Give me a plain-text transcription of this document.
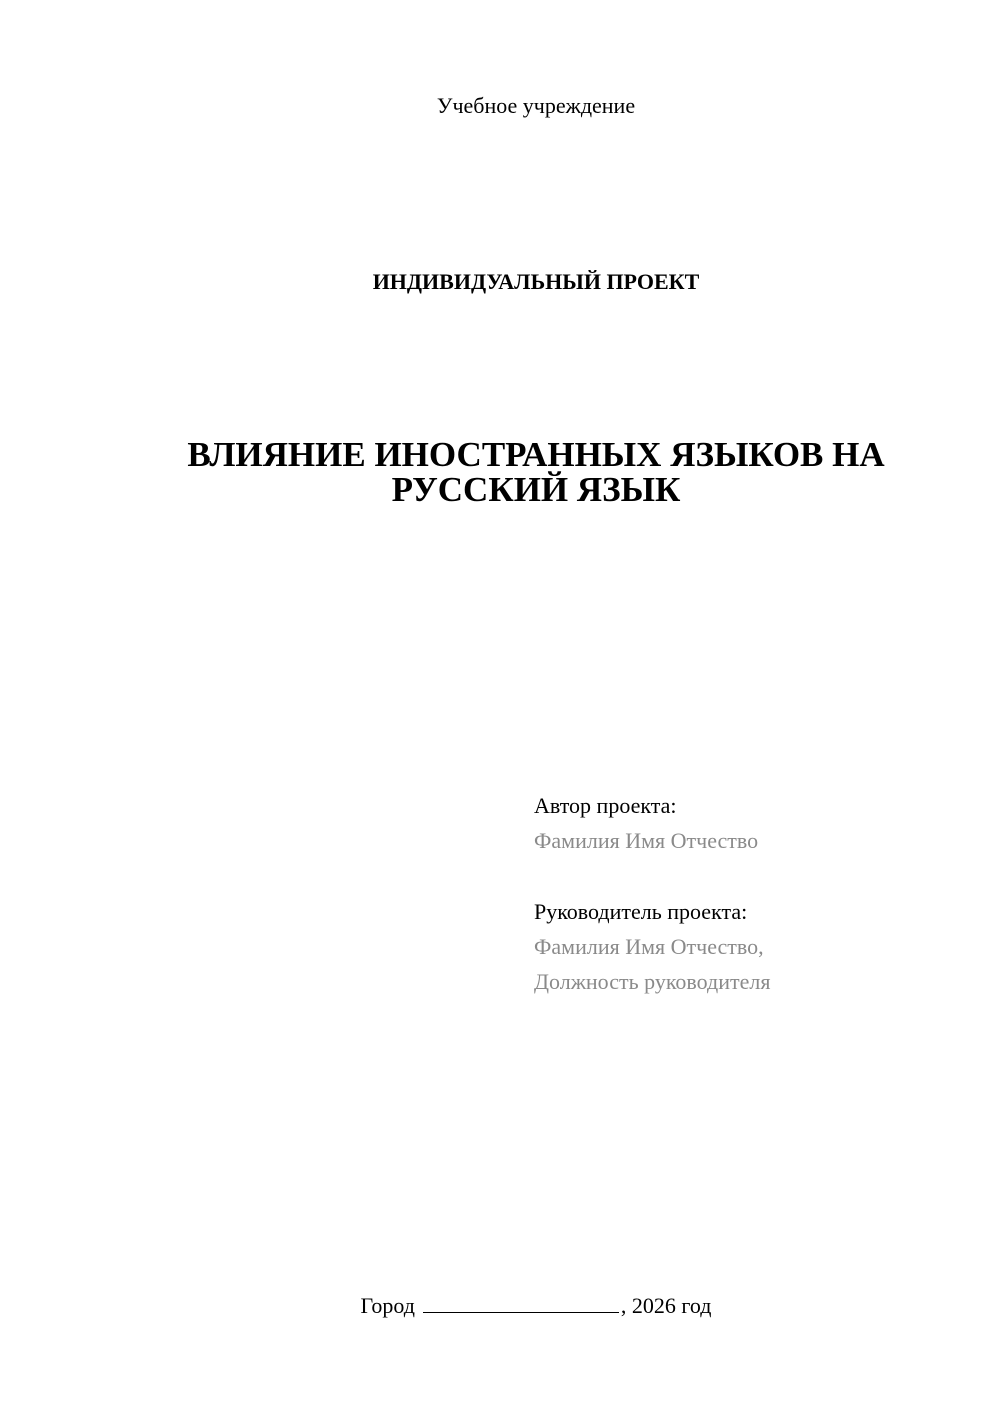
Учебное учреждение
ИНДИВИДУАЛЬНЫЙ ПРОЕКТ
ВЛИЯНИЕ ИНОСТРАННЫХ ЯЗЫКОВ НА
РУССКИЙ ЯЗЫК
Автор проекта:
Фамилия Имя Отчество
Руководитель проекта:
Фамилия Имя Отчество,
Должность руководителя
Город	, 2026 год
